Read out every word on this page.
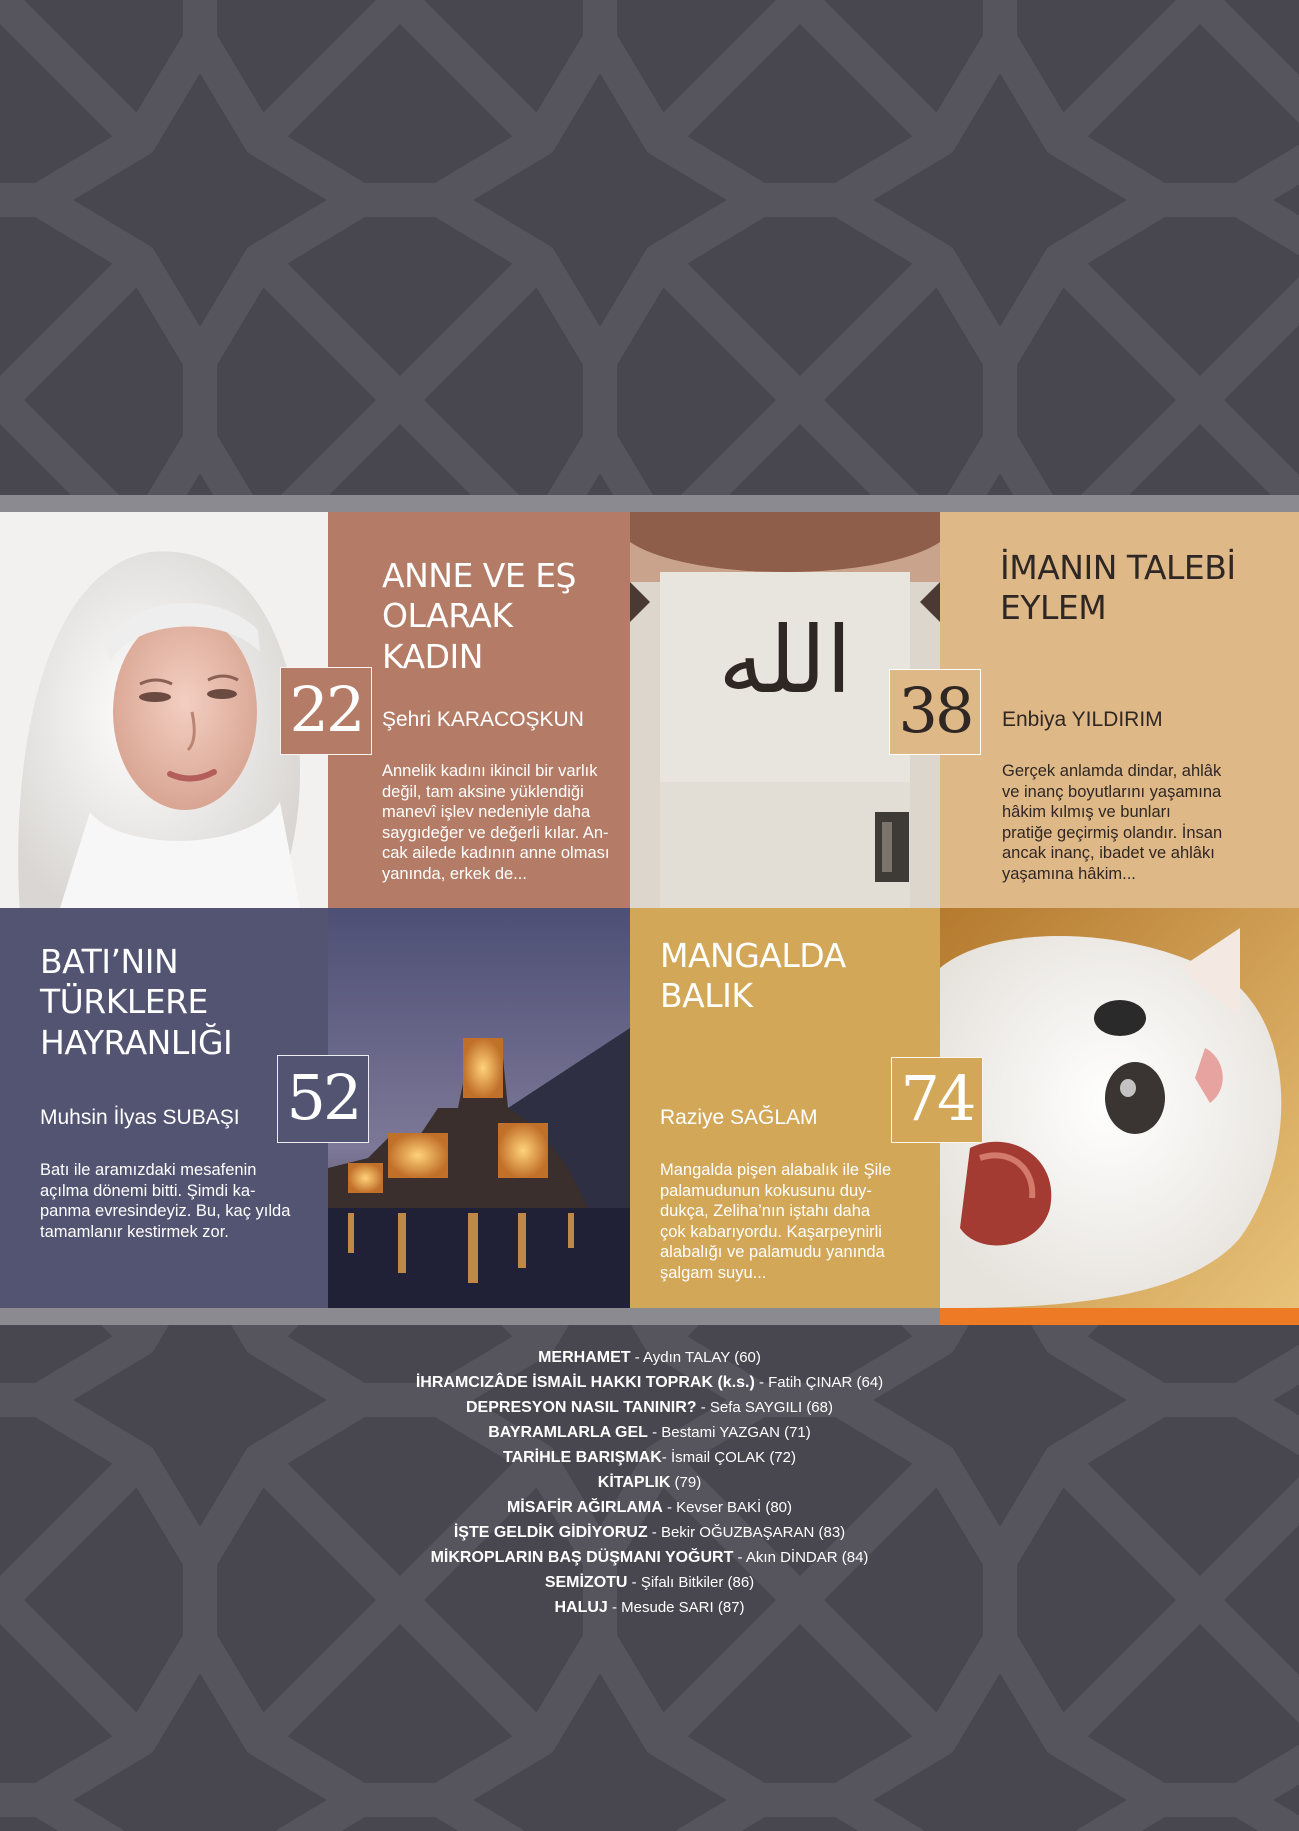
ANNE VE EŞ
OLARAK
KADIN
Şehri KARACOŞKUN
Annelik kadını ikincil bir varlık
değil, tam aksine yüklendiği
manevî işlev nedeniyle daha
saygıdeğer ve değerli kılar. An-
cak ailede kadının anne olması
yanında, erkek de...
22	الله
İMANIN TALEBİ
EYLEM
Enbiya YILDIRIM
Gerçek anlamda dindar, ahlâk
ve inanç boyutlarını yaşamına
hâkim kılmış ve bunları
pratiğe geçirmiş olandır. İnsan
ancak inanç, ibadet ve ahlâkı
yaşamına hâkim...
38
BATI’NIN
TÜRKLERE
HAYRANLIĞI
Muhsin İlyas SUBAŞI
Batı ile aramızdaki mesafenin
açılma dönemi bitti. Şimdi ka-
panma evresindeyiz. Bu, kaç yılda
tamamlanır kestirmek zor.
52
MANGALDA
BALIK
Raziye SAĞLAM
Mangalda pişen alabalık ile Şile
palamudunun kokusunu duy-
dukça, Zeliha’nın iştahı daha
çok kabarıyordu. Kaşarpeynirli
alabalığı ve palamudu yanında
şalgam suyu...
74
MERHAMET - Aydın TALAY (60)
İHRAMCIZÂDE İSMAİL HAKKI TOPRAK (k.s.) - Fatih ÇINAR (64)
DEPRESYON NASIL TANINIR? - Sefa SAYGILI (68)
BAYRAMLARLA GEL - Bestami YAZGAN (71)
TARİHLE BARIŞMAK- İsmail ÇOLAK (72)
KİTAPLIK (79)
MİSAFİR AĞIRLAMA - Kevser BAKİ (80)
İŞTE GELDİK GİDİYORUZ - Bekir OĞUZBAŞARAN (83)
MİKROPLARIN BAŞ DÜŞMANI YOĞURT - Akın DİNDAR (84)
SEMİZOTU - Şifalı Bitkiler (86)
HALUJ - Mesude SARI (87)
